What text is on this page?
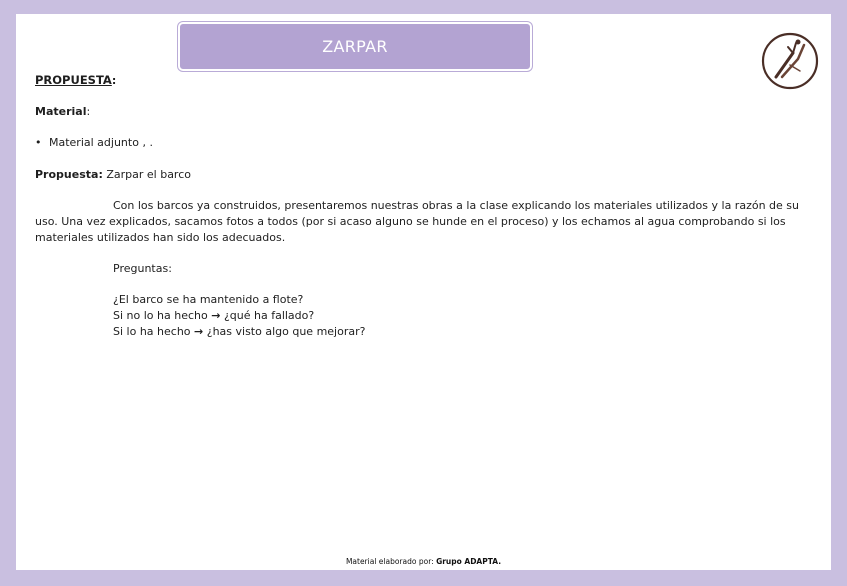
ZARPAR
PROPUESTA:
Material:
• Material adjunto , .
Propuesta: Zarpar el barco
Con los barcos ya construidos, presentaremos nuestras obras a la clase explicando los materiales utilizados y la razón de su uso. Una vez explicados, sacamos fotos a todos (por si acaso alguno se hunde en el proceso) y los echamos al agua comprobando si los materiales utilizados han sido los adecuados.
Preguntas:
¿El barco se ha mantenido a flote?
Si no lo ha hecho → ¿qué ha fallado?
Si lo ha hecho → ¿has visto algo que mejorar?
Material elaborado por: Grupo ADAPTA.
